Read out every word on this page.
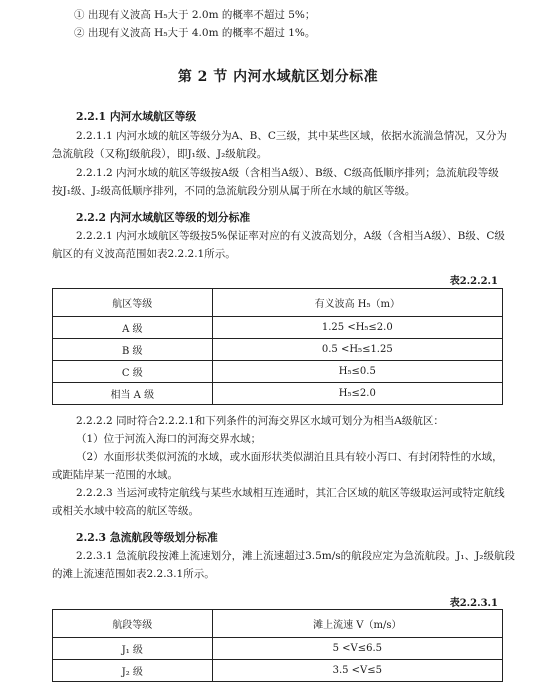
① 出现有义波高 H₅大于 2.0m 的概率不超过 5%；
② 出现有义波高 H₅大于 4.0m 的概率不超过 1%。
第 2 节 内河水域航区划分标准
2.2.1 内河水域航区等级
2.2.1.1 内河水域的航区等级分为A、B、C三级，其中某些区域，依据水流湍急情况，又分为
急流航段（又称J级航段），即J₁级、J₂级航段。
2.2.1.2 内河水域的航区等级按A级（含相当A级）、B级、C级高低顺序排列；急流航段等级
按J₁级、J₂级高低顺序排列，不同的急流航段分别从属于所在水域的航区等级。
2.2.2 内河水域航区等级的划分标准
2.2.2.1 内河水域航区等级按5%保证率对应的有义波高划分，A级（含相当A级）、B级、C级
航区的有义波高范围如表2.2.2.1所示。
表2.2.2.1
航区等级	有义波高 H₅（m）
A 级	1.25 <H₅≤2.0
B 级	0.5 <H₅≤1.25
C 级	H₅≤0.5
相当 A 级	H₅≤2.0
2.2.2.2 同时符合2.2.2.1和下列条件的河海交界区水域可划分为相当A级航区：
（1）位于河流入海口的河海交界水域；
（2）水面形状类似河流的水域，或水面形状类似湖泊且具有较小泻口、有封闭特性的水域，
或距陆岸某一范围的水域。
2.2.2.3 当运河或特定航线与某些水域相互连通时，其汇合区域的航区等级取运河或特定航线
或相关水域中较高的航区等级。
2.2.3 急流航段等级划分标准
2.2.3.1 急流航段按滩上流速划分，滩上流速超过3.5m/s的航段应定为急流航段。J₁、J₂级航段
的滩上流速范围如表2.2.3.1所示。
表2.2.3.1
航段等级	滩上流速 V（m/s）
J₁ 级	5 <V≤6.5
J₂ 级	3.5 <V≤5
